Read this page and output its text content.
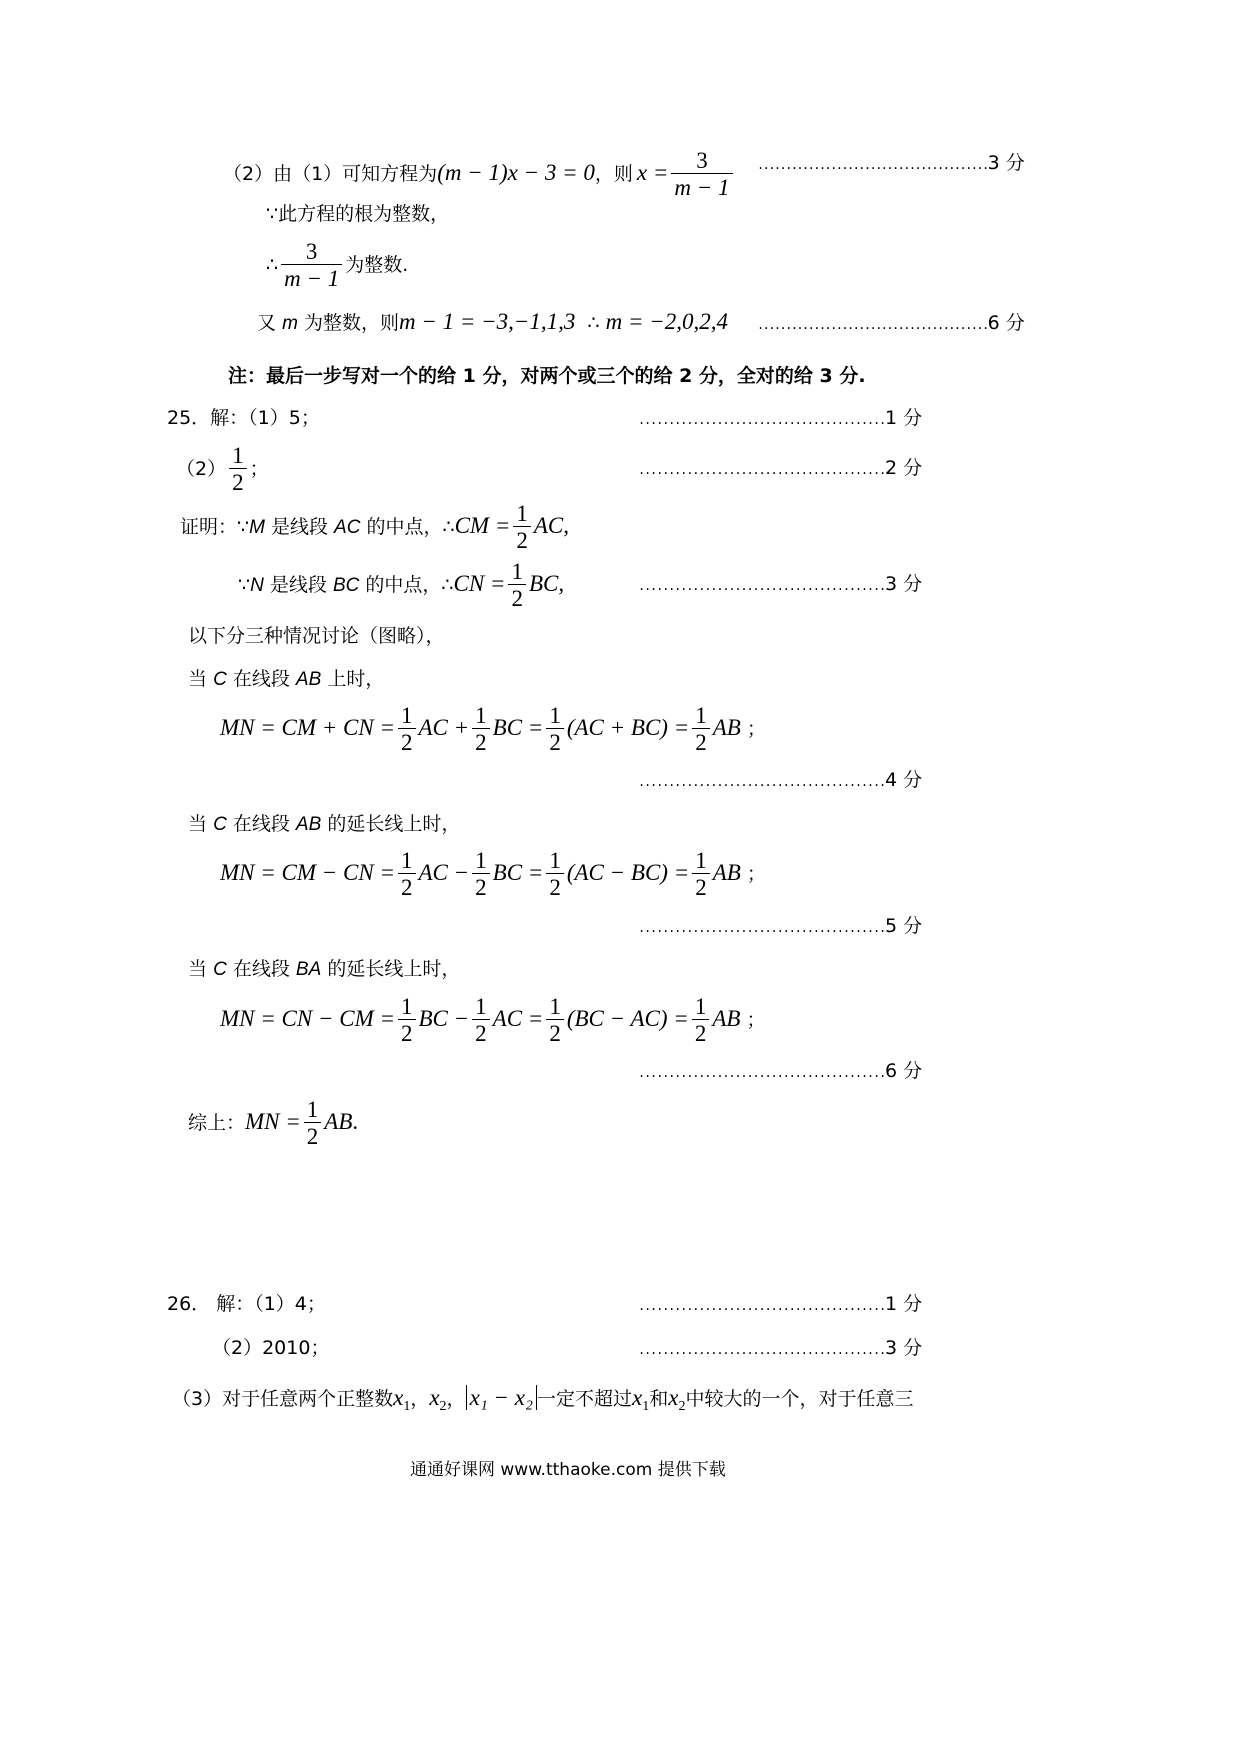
（2）由（1）可知方程为(m − 1)x − 3 = 0，则 $x = \frac{3}{m - 1} .........................................3$ 分
∵此方程的根为整数，
∴ $\frac{3}{m - 1}$ 为整数.
又 m 为整数，则m − 1 = −3,−1,1,3 ∴ m = −2,0,2,4 .........................................6 分
注：最后一步写对一个的给 1 分，对两个或三个的给 2 分，全对的给 3 分.
25．解：（1）5；	.........................................1 分
$(2) \frac{1}{2}$ ；	.........................................2 分
证明：∵M 是线段 AC 的中点，∴CM = $\frac{1}{2}$ AC,
∵N 是线段 BC 的中点，∴CN = $\frac{1}{2}$ BC,	.........................................3 分
以下分三种情况讨论（图略），
当 C 在线段 AB 上时，
MN = CM + CN = $\frac{1}{2}$ AC + $\frac{1}{2}$ BC = $\frac{1}{2} (AC + BC) = \frac{1}{2}$ AB ；
.........................................4 分
当 C 在线段 AB 的延长线上时，
MN = CM − CN = $\frac{1}{2}$ AC − $\frac{1}{2}$ BC = $\frac{1}{2} (AC - BC) = \frac{1}{2}$ AB ；
.........................................5 分
当 C 在线段 BA 的延长线上时，
MN = CN − CM = $\frac{1}{2}$ BC − $\frac{1}{2}$ AC = $\frac{1}{2} (BC - AC) = \frac{1}{2}$ AB ；
.........................................6 分
综上：MN = $\frac{1}{2}$ AB.
26． 解：（1）4；	.........................................1 分
（2）2010；	.........................................3 分
（3）对于任意两个正整数$x_1$，$x_2$， x₁ − x₂ 一定不超过$x_1$和$x_2$中较大的一个，对于任意三
通通好课网 www.tthaoke.com 提供下载
